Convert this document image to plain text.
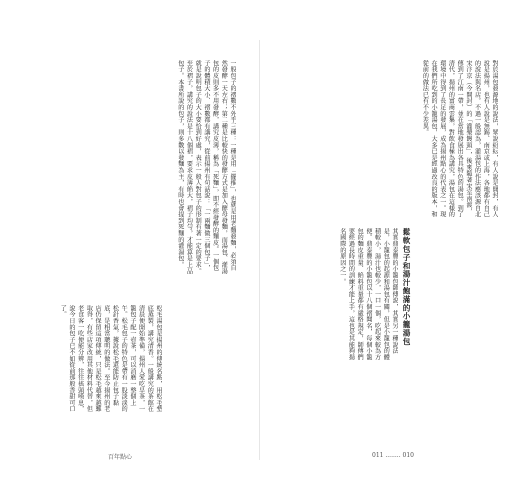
一般包子的褶數不外乎三種：一種是用「擺推」，也就是用老麵發麵，必須自然發酵一天左右；第二種是比較快的發酵方式是加入酵母發麵，而湯包、灌湯包的皮則多不用發酵，講究皮薄，稱為「死麵」，即不經發酵的麵皮。一個包子的體積大小、褶數都有講究，從前揚州有句話說：「一兩麵做三個包子」，就是說明包子的大小要恰到好處，表示一般人對包子的形制有著一定的要求。至於褶子，講究的說法是十八個褶，要求皮薄餡大，褶子均勻，才能算是上品包子。本書所說的包子，則多數以發麵為主，有時也會提到死麵的灌湯包。
松毛湯包是揚州的傳統名點，用松毛墊底蒸製，講究清香。一般講究的茶館在清晨便開始準備，揚州人愛吃早茶，一籠包子配一壺茶，可以消磨一整個上午。松毛包子的特色是帶有一股淡淡的松針香氣，據說松毛還能防止包子黏底，是相當聰明的做法。至今揚州的老店仍保留這項傳統，只是松毛越來越難取得，有些店家改用其他材料代替，但老食客一吃便能分辨，往往搖頭嘆息，說今日的包子已不如從前那般香甜可口了。
百年點心
對於湯包發源地的說法，眾說紛紜，有人說是開封，有人說是揚州，也有人說是無錫、南京或上海，各地都有自己的說法與名店。不過一般認為，灌湯包的作法應該源自北宋汴京（今開封）的「灌漿饅頭」，後來隨著宋室南渡，傳到了江南一帶，並在當地發展出各具特色的湯包。到了清代，揚州的富商雲集，對飲食極為講究，湯包在這樣的環境中得到了長足的發展，成為揚州點心的代表之一。現在我們所吃到的小籠湯包，大多已是經過改良的版本，和從前的做法已有不少差異。
鬆軟包子和湯汁飽滿的小籠湯包
其實鼎泰豐的小籠包師傅說，其實另一種說法是，小籠包的起源和湯包有關，但是小籠包的體積較小，湯汁也較少，一口一個，吃起來較為方便。鼎泰豐的小籠包以十八個褶聞名，每個小籠包的麵皮重量、餡料重量都有嚴格規定，師傅們要經過長時間的訓練才能上手，這也是其能夠揚名國際的原因之一。
011 ........ 010
